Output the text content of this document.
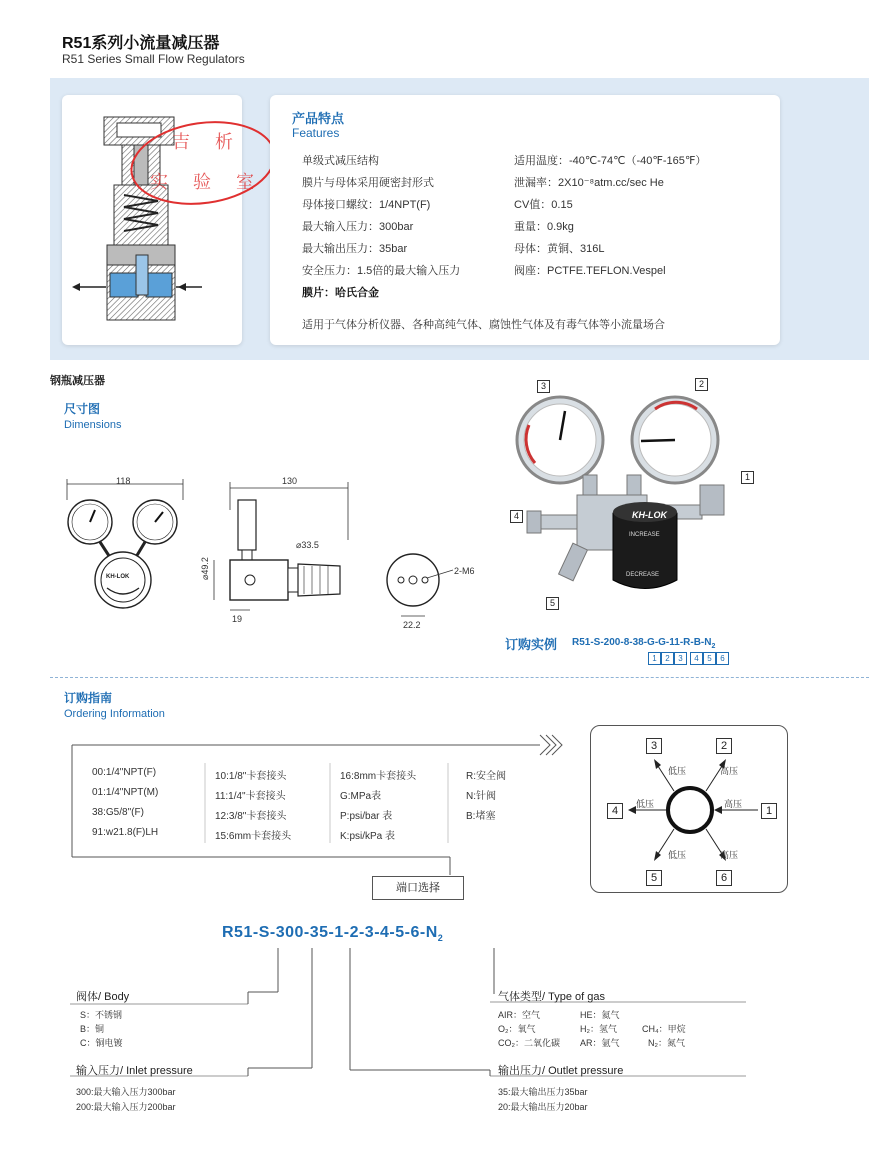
R51系列小流量减压器
R51 Series Small Flow Regulators
吉 析
实 验 室
产品特点
Features
单级式减压结构
膜片与母体采用硬密封形式
母体接口螺纹：1/4NPT(F)
最大输入压力：300bar
最大输出压力：35bar
安全压力：1.5倍的最大输入压力
膜片：哈氏合金
适用温度：-40℃-74℃（-40℉-165℉）
泄漏率：2X10⁻⁸atm.cc/sec He
CV值：0.15
重量：0.9kg
母体：黄铜、316L
阀座：PCTFE.TEFLON.Vespel
适用于气体分析仪器、各种高纯气体、腐蚀性气体及有毒气体等小流量场合
钢瓶减压器
尺寸图
Dimensions
118
KH-LOK
130
⌀33.5
⌀49.2
19
2-M6
22.2
KH-LOK
INCREASE
DECREASE
3	2
1
4
5
订购实例 $R51-S-200-8-38-G-G-11-R-B-N_2$
1	2	3	4	5	6
订购指南
Ordering Information
00:1/4"NPT(F)
01:1/4"NPT(M)
38:G5/8"(F)
91:w21.8(F)LH
10:1/8"卡套接头
11:1/4"卡套接头
12:3/8"卡套接头
15:6mm卡套接头
16:8mm卡套接头
G:MPa表
P:psi/bar 表
K:psi/kPa 表
R:安全阀
N:针阀
B:堵塞
端口选择
$R51-S-300-35-1-2-3-4-5-6-N_2$
阀体/ Body
S：不锈钢
B：铜
C：铜电镀
输入压力/ Inlet pressure
300:最大输入压力300bar
200:最大输入压力200bar
气体类型/ Type of gas
AIR：空气	HE：氦气
O₂：氧气	H₂：氢气	CH₄：甲烷
CO₂：二氧化碳 AR：氩气	N₂：氮气
输出压力/ Outlet pressure
35:最大输出压力35bar
20:最大输出压力20bar
3	2
4	1
5	6
低压	高压
低压	高压
低压	高压
